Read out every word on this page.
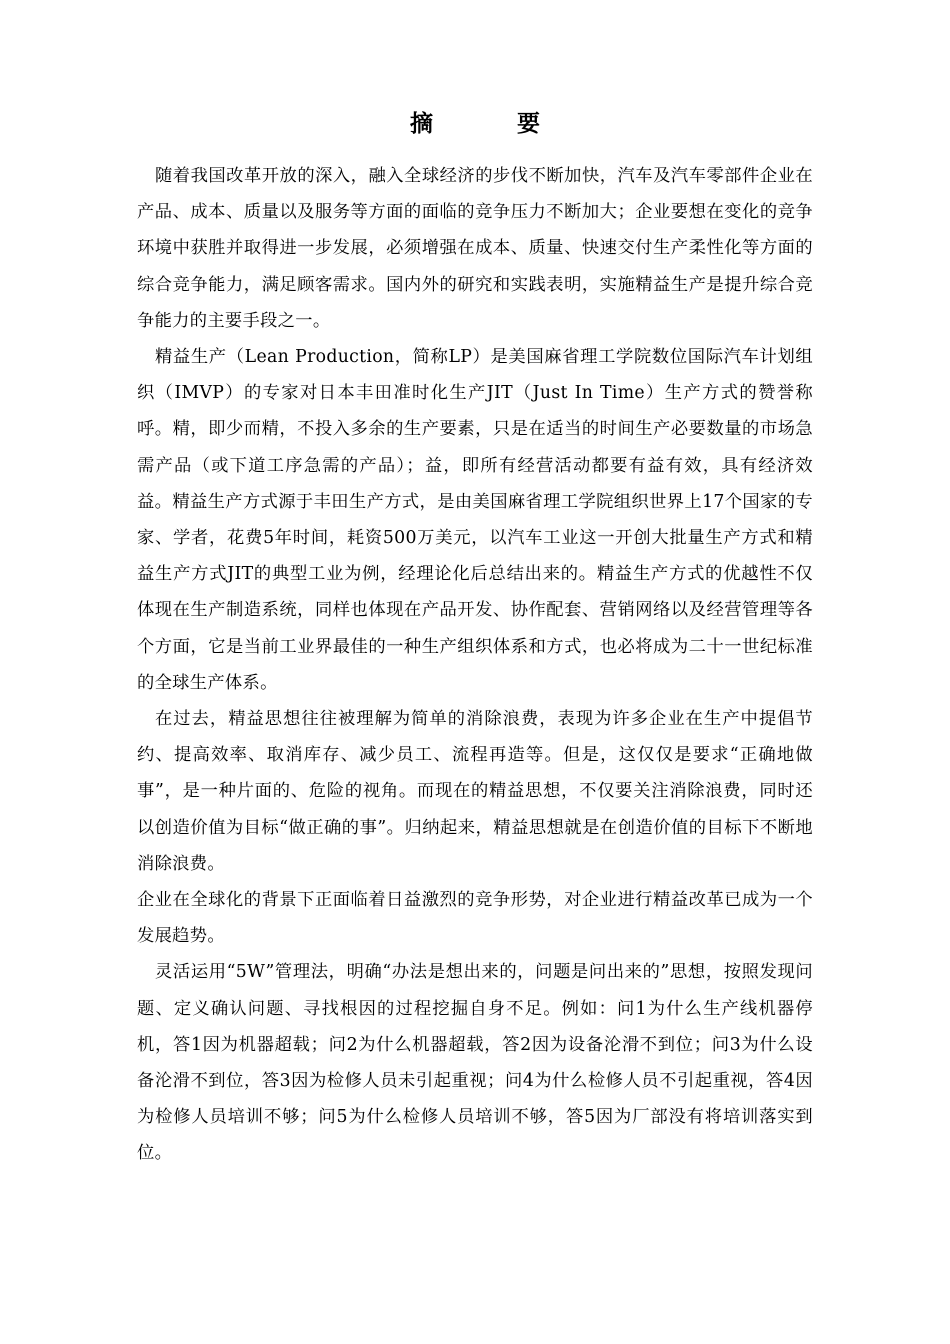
摘 要

随着我国改革开放的深入，融入全球经济的步伐不断加快，汽车及汽车零部件企业在产品、成本、质量以及服务等方面的面临的竞争压力不断加大；企业要想在变化的竞争环境中获胜并取得进一步发展，必须增强在成本、质量、快速交付生产柔性化等方面的综合竞争能力，满足顾客需求。国内外的研究和实践表明，实施精益生产是提升综合竞争能力的主要手段之一。

精益生产（Lean Production，简称LP）是美国麻省理工学院数位国际汽车计划组织（IMVP）的专家对日本丰田准时化生产JIT（Just In Time）生产方式的赞誉称呼。精，即少而精，不投入多余的生产要素，只是在适当的时间生产必要数量的市场急需产品（或下道工序急需的产品）；益，即所有经营活动都要有益有效，具有经济效益。精益生产方式源于丰田生产方式，是由美国麻省理工学院组织世界上17个国家的专家、学者，花费5年时间，耗资500万美元，以汽车工业这一开创大批量生产方式和精益生产方式JIT的典型工业为例，经理论化后总结出来的。精益生产方式的优越性不仅体现在生产制造系统，同样也体现在产品开发、协作配套、营销网络以及经营管理等各个方面，它是当前工业界最佳的一种生产组织体系和方式，也必将成为二十一世纪标准的全球生产体系。

在过去，精益思想往往被理解为简单的消除浪费，表现为许多企业在生产中提倡节约、提高效率、取消库存、减少员工、流程再造等。但是，这仅仅是要求“正确地做事”，是一种片面的、危险的视角。而现在的精益思想，不仅要关注消除浪费，同时还以创造价值为目标“做正确的事”。归纳起来，精益思想就是在创造价值的目标下不断地消除浪费。

企业在全球化的背景下正面临着日益激烈的竞争形势，对企业进行精益改革已成为一个发展趋势。

灵活运用“5W”管理法，明确“办法是想出来的，问题是问出来的”思想，按照发现问题、定义确认问题、寻找根因的过程挖掘自身不足。例如：问1为什么生产线机器停机，答1因为机器超载；问2为什么机器超载，答2因为设备沦滑不到位；问3为什么设备沦滑不到位，答3因为检修人员未引起重视；问4为什么检修人员不引起重视，答4因为检修人员培训不够；问5为什么检修人员培训不够，答5因为厂部没有将培训落实到位。
